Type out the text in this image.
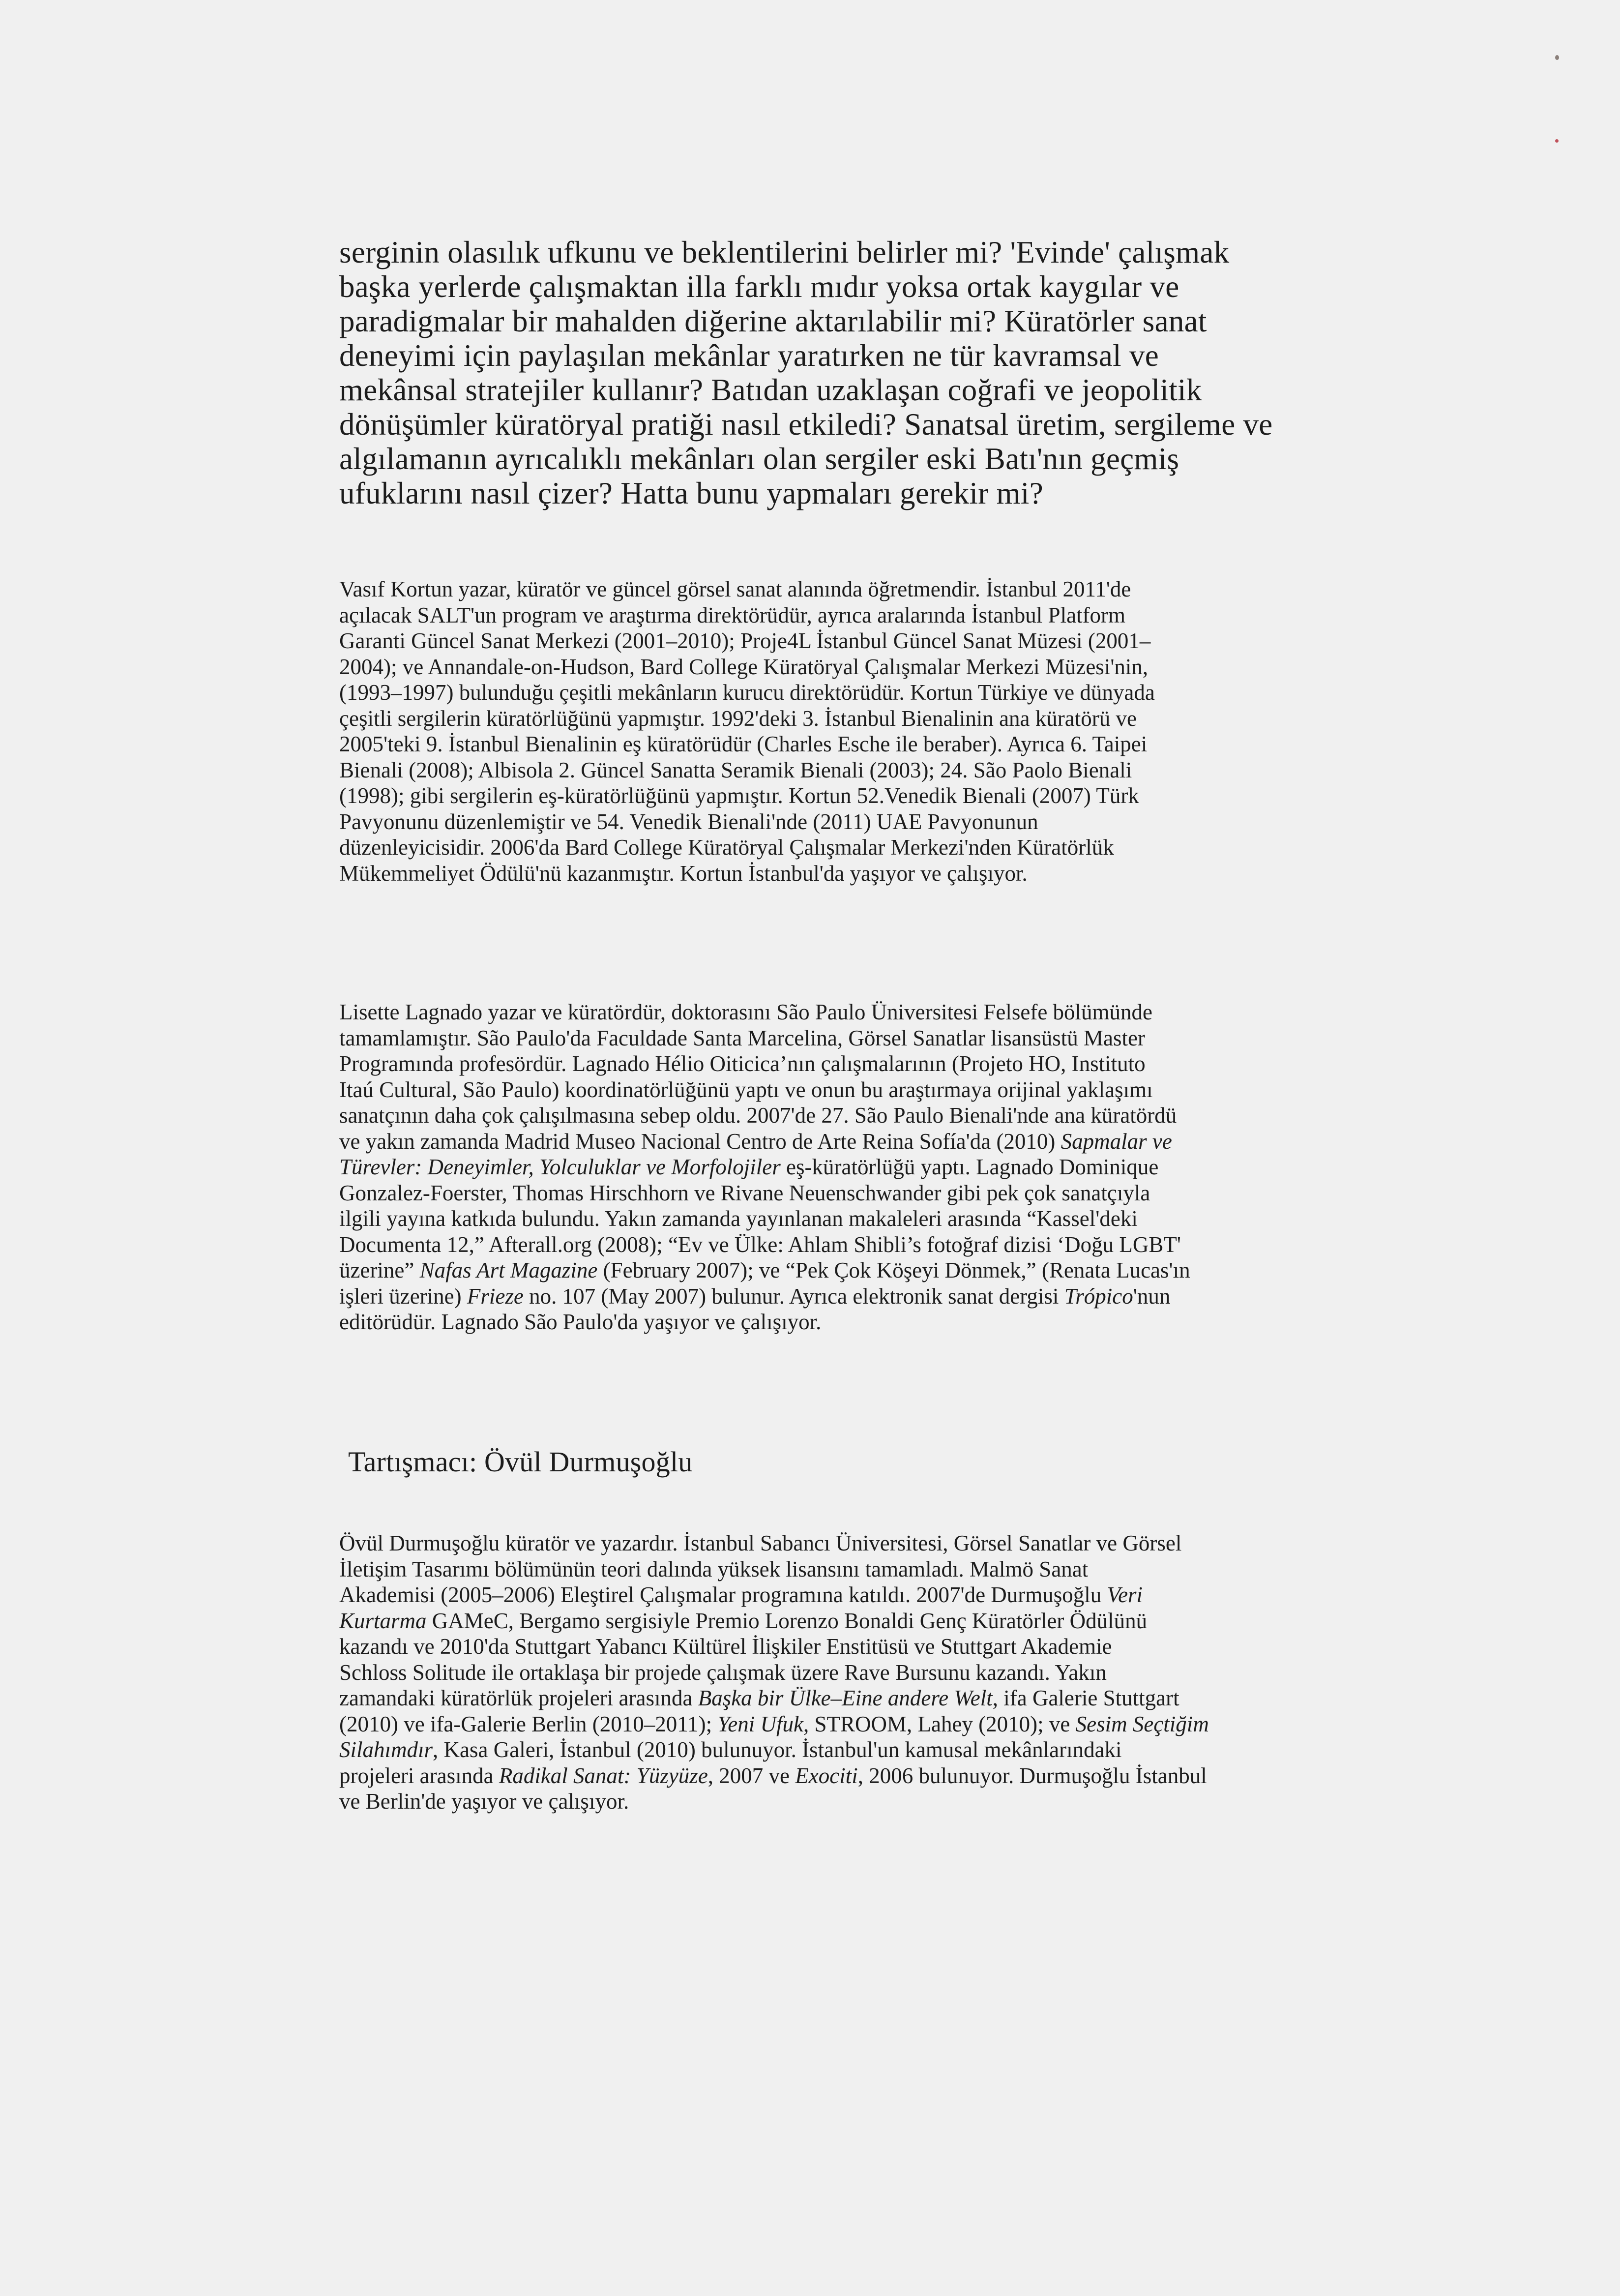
serginin olasılık ufkunu ve beklentilerini belirler mi? 'Evinde' çalışmak
başka yerlerde çalışmaktan illa farklı mıdır yoksa ortak kaygılar ve
paradigmalar bir mahalden diğerine aktarılabilir mi? Küratörler sanat
deneyimi için paylaşılan mekânlar yaratırken ne tür kavramsal ve
mekânsal stratejiler kullanır? Batıdan uzaklaşan coğrafi ve jeopolitik
dönüşümler küratöryal pratiği nasıl etkiledi? Sanatsal üretim, sergileme ve
algılamanın ayrıcalıklı mekânları olan sergiler eski Batı'nın geçmiş
ufuklarını nasıl çizer? Hatta bunu yapmaları gerekir mi?
Vasıf Kortun yazar, küratör ve güncel görsel sanat alanında öğretmendir. İstanbul 2011'de
açılacak SALT'un program ve araştırma direktörüdür, ayrıca aralarında İstanbul Platform
Garanti Güncel Sanat Merkezi (2001–2010); Proje4L İstanbul Güncel Sanat Müzesi (2001–
2004); ve Annandale-on-Hudson, Bard College Küratöryal Çalışmalar Merkezi Müzesi'nin,
(1993–1997) bulunduğu çeşitli mekânların kurucu direktörüdür. Kortun Türkiye ve dünyada
çeşitli sergilerin küratörlüğünü yapmıştır. 1992'deki 3. İstanbul Bienalinin ana küratörü ve
2005'teki 9. İstanbul Bienalinin eş küratörüdür (Charles Esche ile beraber). Ayrıca 6. Taipei
Bienali (2008); Albisola 2. Güncel Sanatta Seramik Bienali (2003); 24. São Paolo Bienali
(1998); gibi sergilerin eş-küratörlüğünü yapmıştır. Kortun 52.Venedik Bienali (2007) Türk
Pavyonunu düzenlemiştir ve 54. Venedik Bienali'nde (2011) UAE Pavyonunun
düzenleyicisidir. 2006'da Bard College Küratöryal Çalışmalar Merkezi'nden Küratörlük
Mükemmeliyet Ödülü'nü kazanmıştır. Kortun İstanbul'da yaşıyor ve çalışıyor.
Lisette Lagnado yazar ve küratördür, doktorasını São Paulo Üniversitesi Felsefe bölümünde
tamamlamıştır. São Paulo'da Faculdade Santa Marcelina, Görsel Sanatlar lisansüstü Master
Programında profesördür. Lagnado Hélio Oiticica’nın çalışmalarının (Projeto HO, Instituto
Itaú Cultural, São Paulo) koordinatörlüğünü yaptı ve onun bu araştırmaya orijinal yaklaşımı
sanatçının daha çok çalışılmasına sebep oldu. 2007'de 27. São Paulo Bienali'nde ana küratördü
ve yakın zamanda Madrid Museo Nacional Centro de Arte Reina Sofía'da (2010) Sapmalar ve
Türevler: Deneyimler, Yolculuklar ve Morfolojiler eş-küratörlüğü yaptı. Lagnado Dominique
Gonzalez-Foerster, Thomas Hirschhorn ve Rivane Neuenschwander gibi pek çok sanatçıyla
ilgili yayına katkıda bulundu. Yakın zamanda yayınlanan makaleleri arasında “Kassel'deki
Documenta 12,” Afterall.org (2008); “Ev ve Ülke: Ahlam Shibli’s fotoğraf dizisi ‘Doğu LGBT'
üzerine” Nafas Art Magazine (February 2007); ve “Pek Çok Köşeyi Dönmek,” (Renata Lucas'ın
işleri üzerine) Frieze no. 107 (May 2007) bulunur. Ayrıca elektronik sanat dergisi Trópico'nun
editörüdür. Lagnado São Paulo'da yaşıyor ve çalışıyor.
Tartışmacı: Övül Durmuşoğlu
Övül Durmuşoğlu küratör ve yazardır. İstanbul Sabancı Üniversitesi, Görsel Sanatlar ve Görsel
İletişim Tasarımı bölümünün teori dalında yüksek lisansını tamamladı. Malmö Sanat
Akademisi (2005–2006) Eleştirel Çalışmalar programına katıldı. 2007'de Durmuşoğlu Veri
Kurtarma GAMeC, Bergamo sergisiyle Premio Lorenzo Bonaldi Genç Küratörler Ödülünü
kazandı ve 2010'da Stuttgart Yabancı Kültürel İlişkiler Enstitüsü ve Stuttgart Akademie
Schloss Solitude ile ortaklaşa bir projede çalışmak üzere Rave Bursunu kazandı. Yakın
zamandaki küratörlük projeleri arasında Başka bir Ülke–Eine andere Welt, ifa Galerie Stuttgart
(2010) ve ifa-Galerie Berlin (2010–2011); Yeni Ufuk, STROOM, Lahey (2010); ve Sesim Seçtiğim
Silahımdır, Kasa Galeri, İstanbul (2010) bulunuyor. İstanbul'un kamusal mekânlarındaki
projeleri arasında Radikal Sanat: Yüzyüze, 2007 ve Exociti, 2006 bulunuyor. Durmuşoğlu İstanbul
ve Berlin'de yaşıyor ve çalışıyor.
